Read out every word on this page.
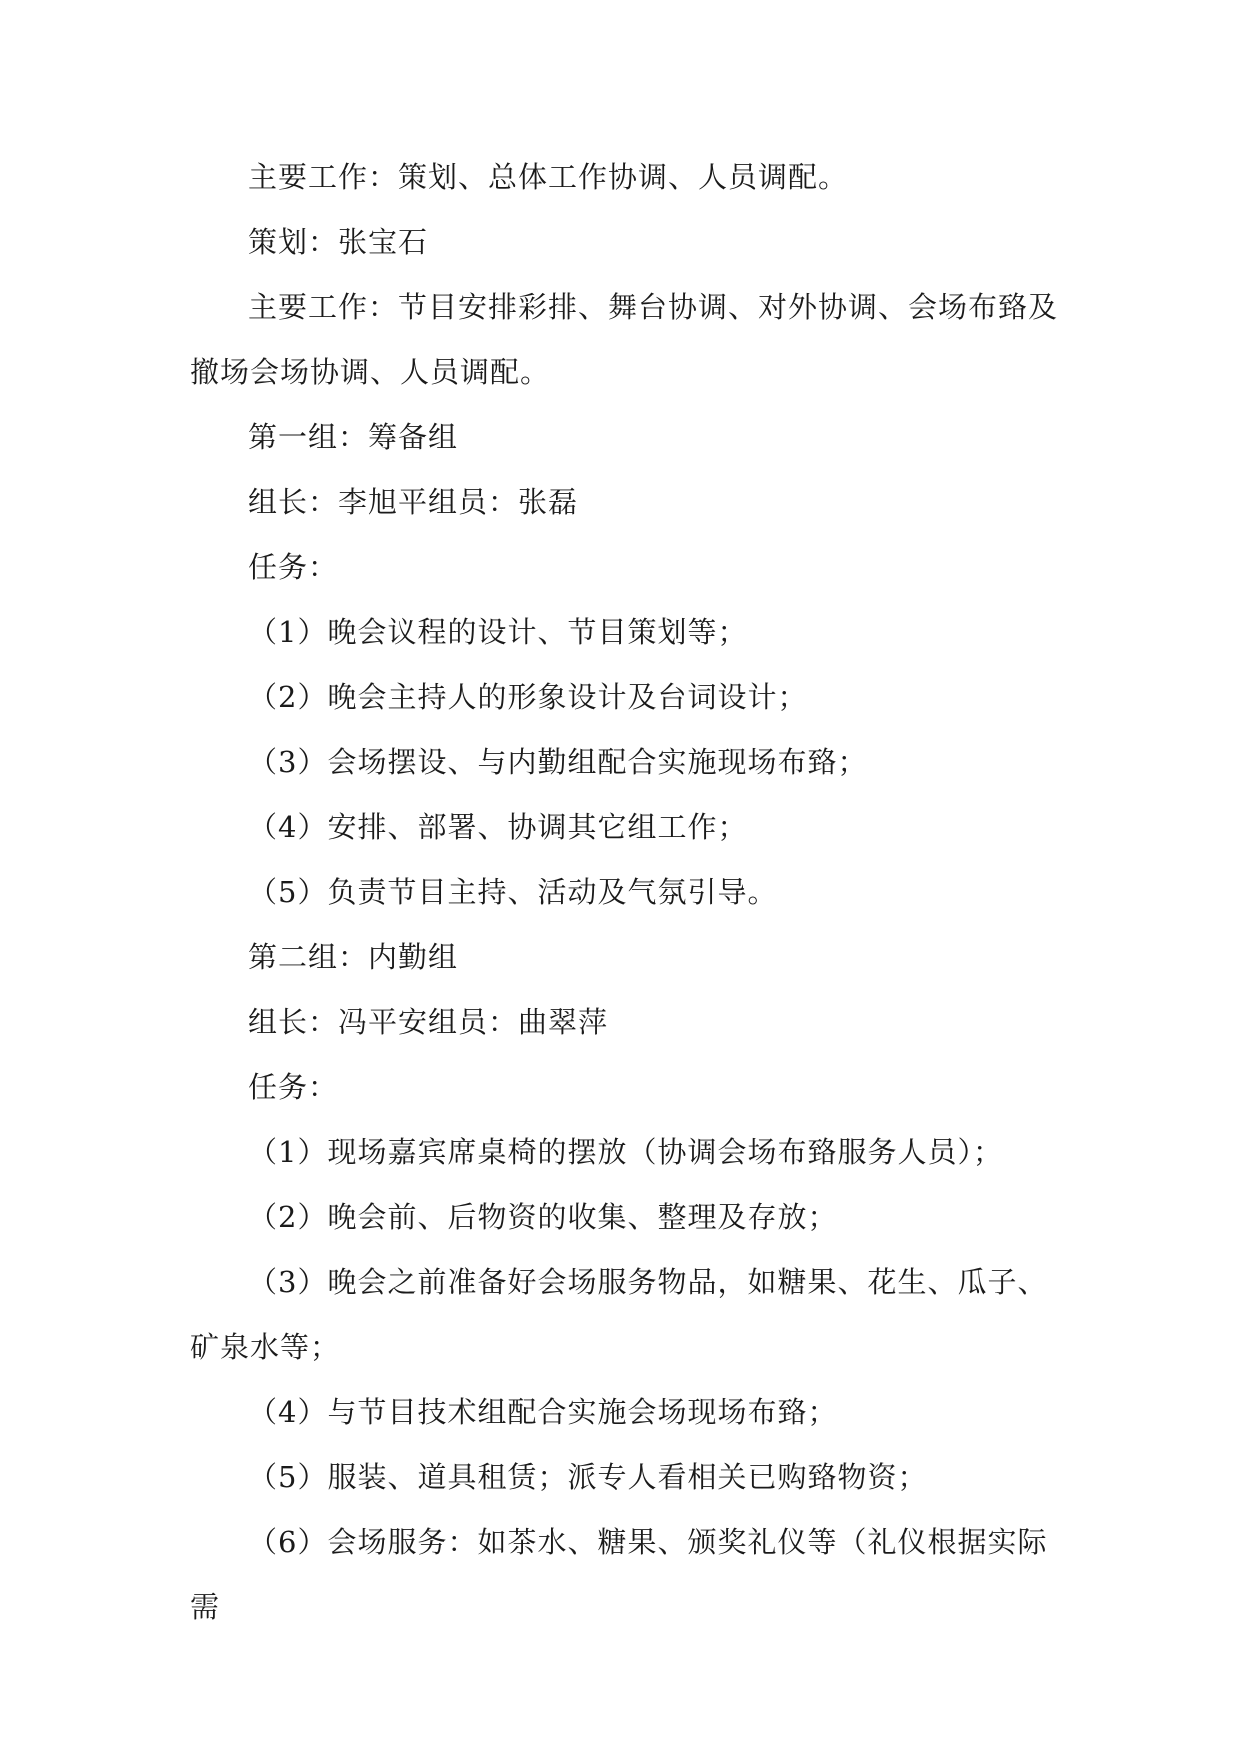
主要工作：策划、总体工作协调、人员调配。

策划：张宝石

主要工作：节目安排彩排、舞台协调、对外协调、会场布臵及撤场会场协调、人员调配。

第一组：筹备组

组长：李旭平组员：张磊

任务：

（1）晚会议程的设计、节目策划等；

（2）晚会主持人的形象设计及台词设计；

（3）会场摆设、与内勤组配合实施现场布臵；

（4）安排、部署、协调其它组工作；

（5）负责节目主持、活动及气氛引导。

第二组：内勤组

组长：冯平安组员：曲翠萍

任务：

（1）现场嘉宾席桌椅的摆放（协调会场布臵服务人员）；

（2）晚会前、后物资的收集、整理及存放；

（3）晚会之前准备好会场服务物品，如糖果、花生、瓜子、矿泉水等；

（4）与节目技术组配合实施会场现场布臵；

（5）服装、道具租赁；派专人看相关已购臵物资；

（6）会场服务：如茶水、糖果、颁奖礼仪等（礼仪根据实际需
